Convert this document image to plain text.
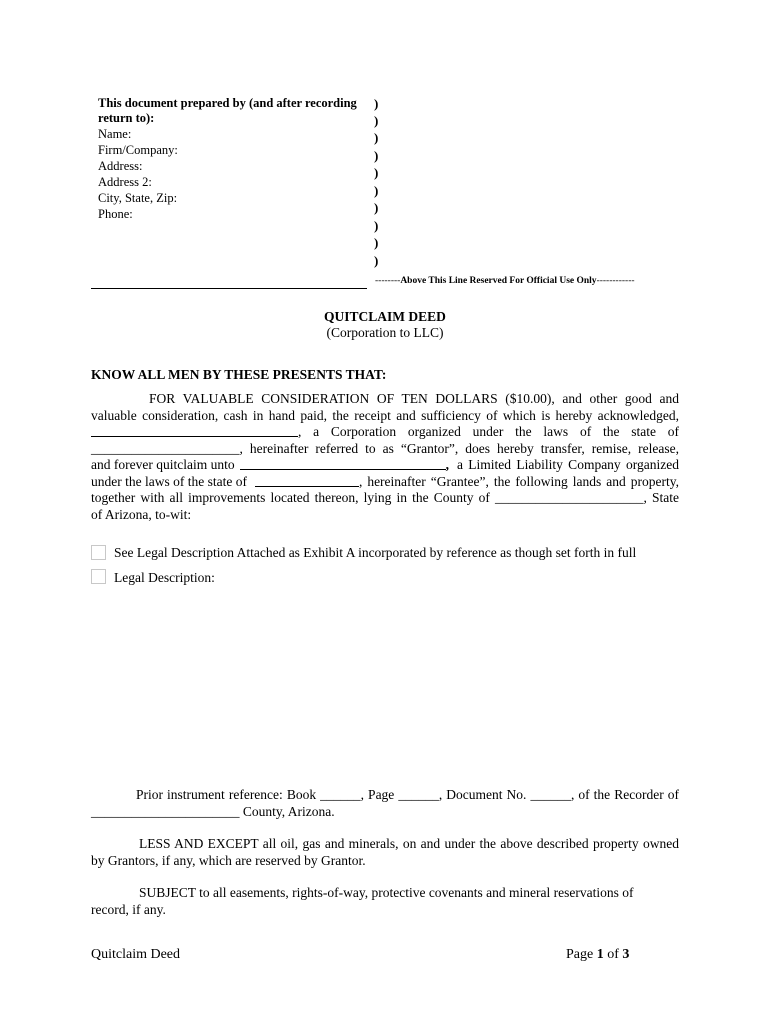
This document prepared by (and after recording return to):
Name:
Firm/Company:
Address:
Address 2:
City, State, Zip:
Phone:
)
)
)
)
)
)
)
)
)
)
--------Above This Line Reserved For Official Use Only------------
QUITCLAIM DEED
(Corporation to LLC)
KNOW ALL MEN BY THESE PRESENTS THAT:
FOR VALUABLE CONSIDERATION OF TEN DOLLARS ($10.00), and other good and
valuable consideration, cash in hand paid, the receipt and sufficiency of which is hereby acknowledged,
, a Corporation organized under the laws of the state of
______________________ , hereinafter referred to as “Grantor”, does hereby transfer, remise, release,
and forever quitclaim unto	, a Limited Liability Company organized
under the laws of the state of	, hereinafter “Grantee”, the following lands and property,
together with all improvements located thereon, lying in the County of ______________________, State
of Arizona, to-wit:
See Legal Description Attached as Exhibit A incorporated by reference as though set forth in full
Legal Description:
Prior instrument reference: Book ______, Page ______, Document No. ______, of the Recorder of
______________________ County, Arizona.
LESS AND EXCEPT all oil, gas and minerals, on and under the above described property owned
by Grantors, if any, which are reserved by Grantor.
SUBJECT to all easements, rights-of-way, protective covenants and mineral reservations of
record, if any.
Quitclaim Deed	Page 1 of 3
